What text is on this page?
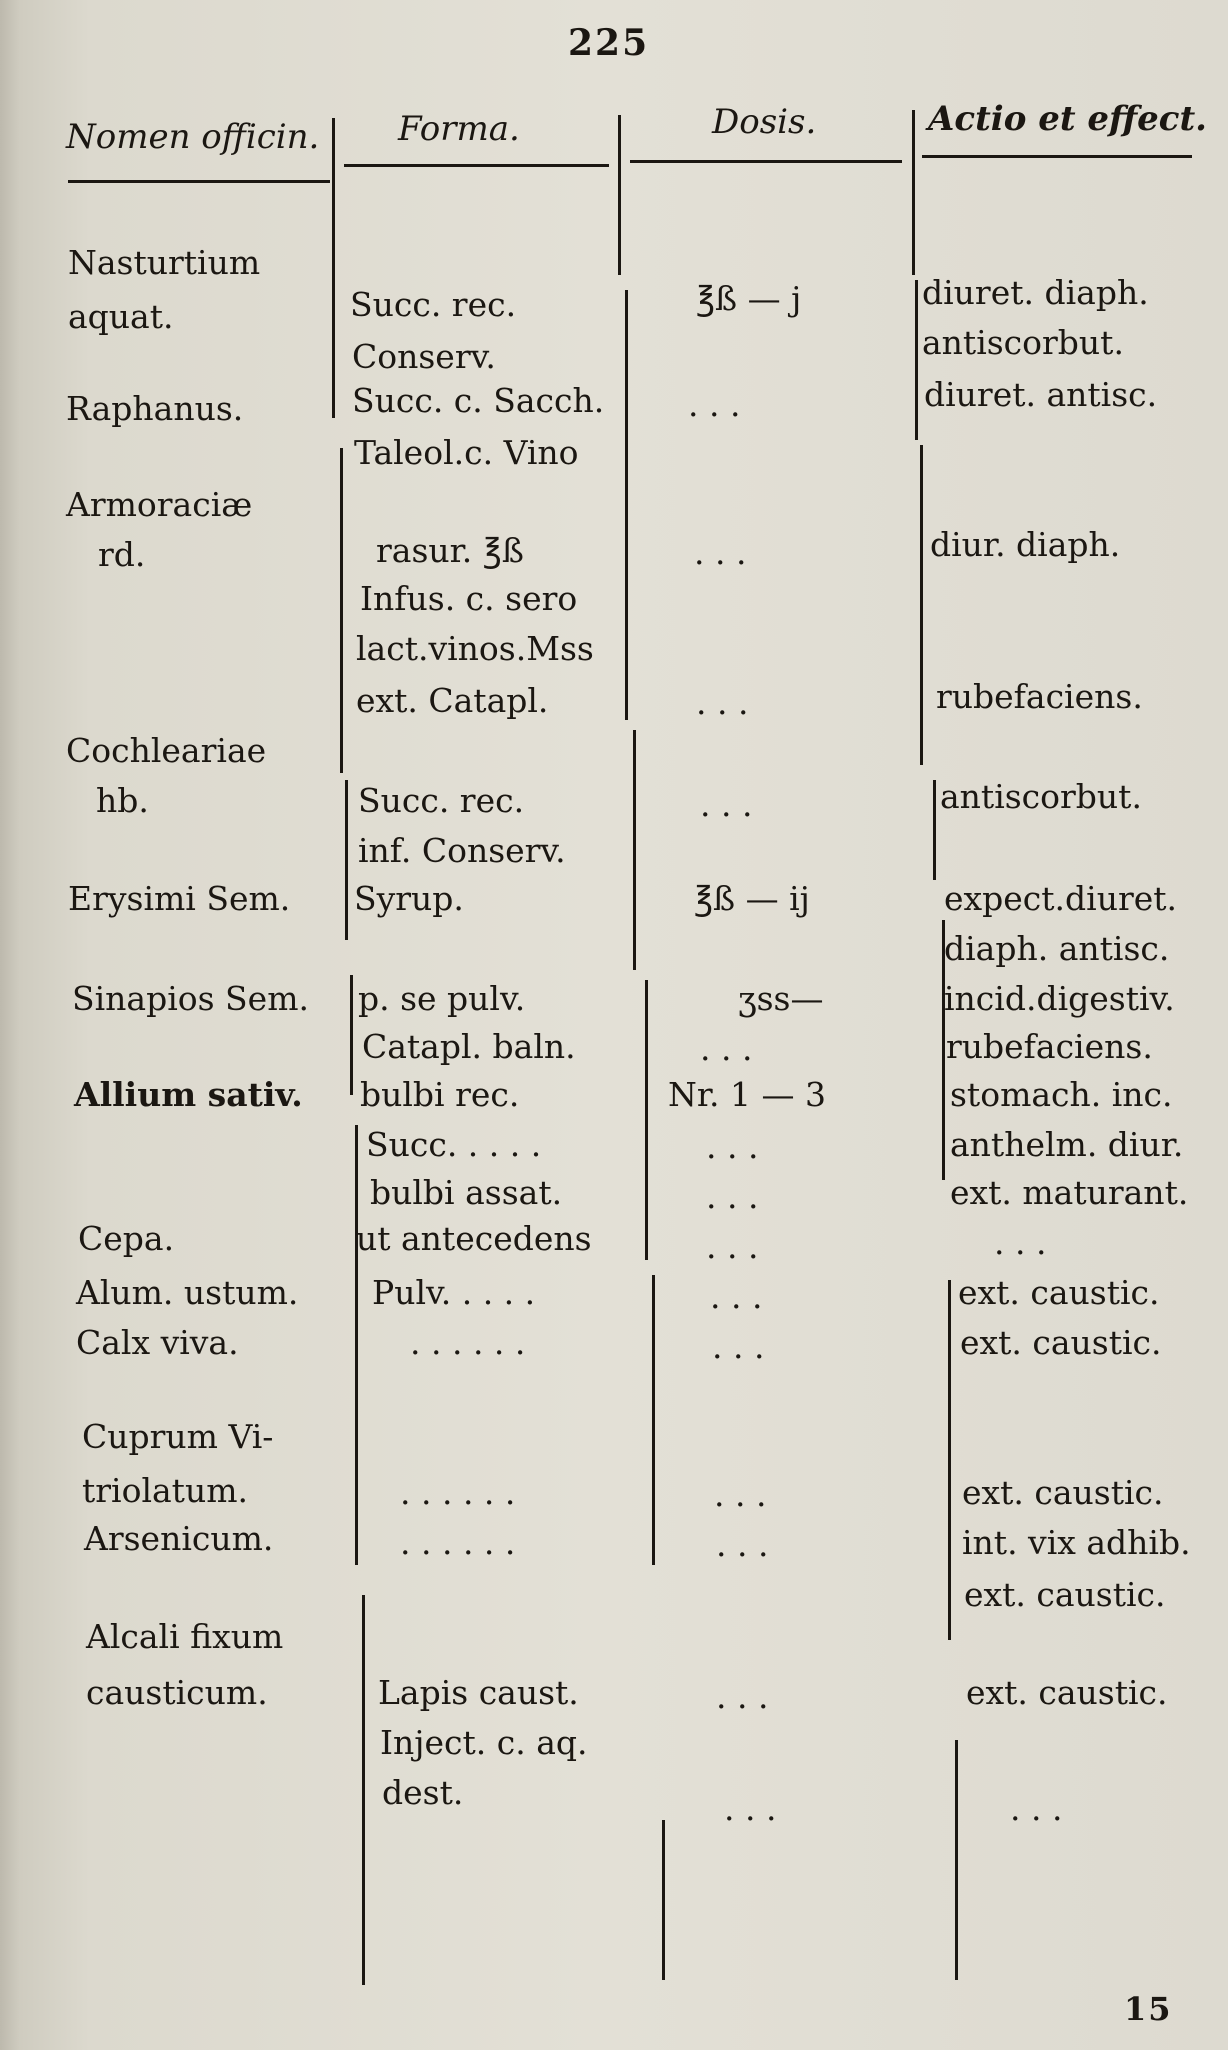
225
Nomen officin. Forma.	Dosis.	Actio et effect.
Nasturtium
aquat.
Raphanus.
Armoraciæ
rd.
Cochleariae
hb.
Erysimi Sem.
Sinapios Sem.
Allium sativ.
Cepa.
Alum. ustum.
Calx viva.
Cuprum Vi-
triolatum.
Arsenicum.
Alcali fixum
causticum.
Succ. rec.
Conserv.
Succ. c. Sacch.
Taleol.c. Vino
rasur. ℥ß
Infus. c. sero
lact.vinos.Mss
ext. Catapl.
Succ. rec.
inf. Conserv.
Syrup.
p. se pulv.
Catapl. baln.
bulbi rec.
Succ. . . . .
bulbi assat.
ut antecedens
Pulv. . . . .
. . . . . .
. . . . . .
. . . . . .
Lapis caust.
Inject. c. aq.
dest.
℥ß — j
. . .
. . .
. . .
. . .
℥ß — ij
ʒss—
. . .
Nr. 1 — 3
. . .
. . .
. . .
. . .
. . .
. . .
. . .
. . .
. . .
diuret. diaph.
antiscorbut.
diuret. antisc.
diur. diaph.
rubefaciens.
antiscorbut.
expect.diuret.
diaph. antisc.
incid.digestiv.
rubefaciens.
stomach. inc.
anthelm. diur.
ext. maturant.
. . .
ext. caustic.
ext. caustic.
ext. caustic.
int. vix adhib.
ext. caustic.
ext. caustic.
. . .
15
